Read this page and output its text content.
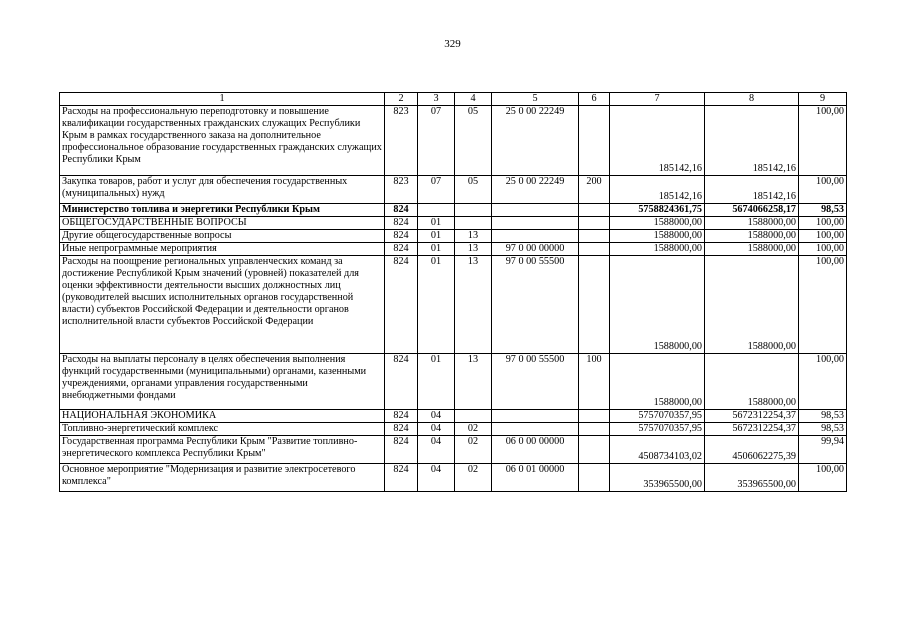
329
1	2	3	4	5	6	7	8	9
Расходы на профессиональную переподготовку и повышение квалификации государственных гражданских служащих Республики Крым в рамках государственного заказа на дополнительное профессиональное образование государственных гражданских служащих Республики Крым	823	07	05	25 0 00 22249		185142,16	185142,16	100,00
Закупка товаров, работ и услуг для обеспечения государственных (муниципальных) нужд	823	07	05	25 0 00 22249	200	185142,16	185142,16	100,00
Министерство топлива и энергетики Республики Крым	824					5758824361,75	5674066258,17	98,53
ОБЩЕГОСУДАРСТВЕННЫЕ ВОПРОСЫ	824	01				1588000,00	1588000,00	100,00
Другие общегосударственные вопросы	824	01	13			1588000,00	1588000,00	100,00
Иные непрограммные мероприятия	824	01	13	97 0 00 00000		1588000,00	1588000,00	100,00
Расходы на поощрение региональных управленческих команд за достижение Республикой Крым значений (уровней) показателей для оценки эффективности деятельности высших должностных лиц (руководителей высших исполнительных органов государственной власти) субъектов Российской Федерации и деятельности органов исполнительной власти субъектов Российской Федерации	824	01	13	97 0 00 55500		1588000,00	1588000,00	100,00
Расходы на выплаты персоналу в целях обеспечения выполнения функций государственными (муниципальными) органами, казенными учреждениями, органами управления государственными внебюджетными фондами	824	01	13	97 0 00 55500	100	1588000,00	1588000,00	100,00
НАЦИОНАЛЬНАЯ ЭКОНОМИКА	824	04				5757070357,95	5672312254,37	98,53
Топливно-энергетический комплекс	824	04	02			5757070357,95	5672312254,37	98,53
Государственная программа Республики Крым "Развитие топливно-энергетического комплекса Республики Крым"	824	04	02	06 0 00 00000		4508734103,02	4506062275,39	99,94
Основное мероприятие "Модернизация и развитие электросетевого комплекса"	824	04	02	06 0 01 00000		353965500,00	353965500,00	100,00
